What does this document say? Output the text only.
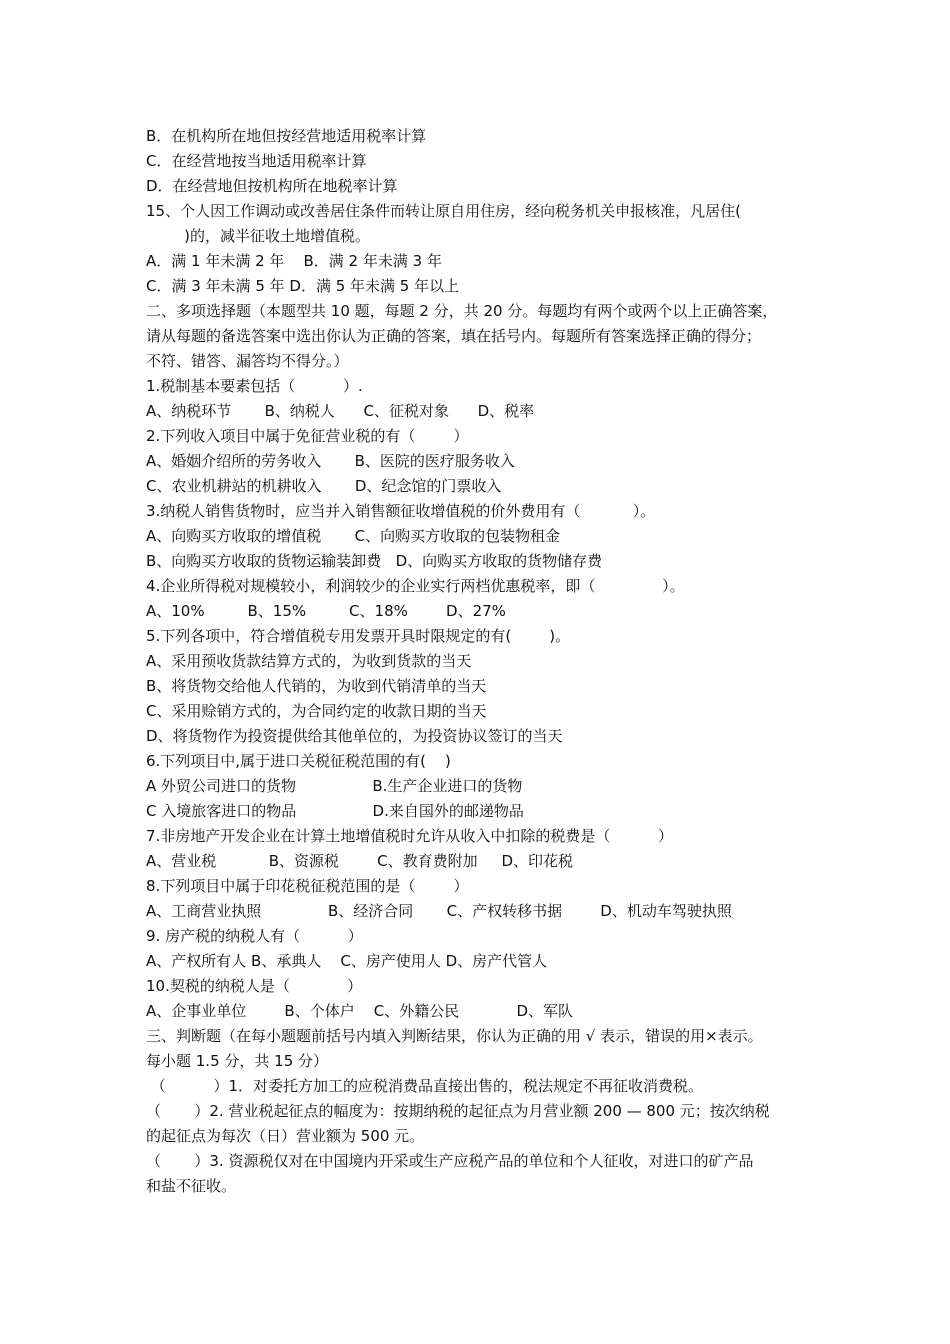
B．在机构所在地但按经营地适用税率计算
C．在经营地按当地适用税率计算
D．在经营地但按机构所在地税率计算
15、个人因工作调动或改善居住条件而转让原自用住房，经向税务机关申报核准，凡居住(
)的，减半征收土地增值税。
A．满 1 年未满 2 年    B．满 2 年未满 3 年
C．满 3 年未满 5 年 D．满 5 年未满 5 年以上
二、多项选择题（本题型共 10 题，每题 2 分，共 20 分。每题均有两个或两个以上正确答案，
请从每题的备选答案中选出你认为正确的答案，填在括号内。每题所有答案选择正确的得分；
不符、错答、漏答均不得分。）
1.税制基本要素包括（          ）.
A、纳税环节       B、纳税人      C、征税对象      D、税率
2.下列收入项目中属于免征营业税的有（        ）
A、婚姻介绍所的劳务收入       B、医院的医疗服务收入
C、农业机耕站的机耕收入       D、纪念馆的门票收入
3.纳税人销售货物时，应当并入销售额征收增值税的价外费用有（           ）。
A、向购买方收取的增值税       C、向购买方收取的包装物租金
B、向购买方收取的货物运输装卸费   D、向购买方收取的货物储存费
4.企业所得税对规模较小，利润较少的企业实行两档优惠税率，即（              ）。
A、10%         B、15%         C、18%        D、27%
5.下列各项中，符合增值税专用发票开具时限规定的有(        )。
A、采用预收货款结算方式的，为收到货款的当天
B、将货物交给他人代销的，为收到代销清单的当天
C、采用赊销方式的，为合同约定的收款日期的当天
D、将货物作为投资提供给其他单位的，为投资协议签订的当天
6.下列项目中,属于进口关税征税范围的有(    )
A 外贸公司进口的货物                B.生产企业进口的货物
C 入境旅客进口的物品                D.来自国外的邮递物品
7.非房地产开发企业在计算土地增值税时允许从收入中扣除的税费是（          ）
A、营业税           B、资源税        C、教育费附加     D、印花税
8.下列项目中属于印花税征税范围的是（        ）
A、工商营业执照              B、经济合同       C、产权转移书据        D、机动车驾驶执照
9. 房产税的纳税人有（          ）
A、产权所有人 B、承典人    C、房产使用人 D、房产代管人
10.契税的纳税人是（            ）
A、企事业单位        B、个体户    C、外籍公民            D、军队
三、判断题（在每小题题前括号内填入判断结果，你认为正确的用 √ 表示，错误的用×表示。
每小题 1.5 分，共 15 分）
（          ）1．对委托方加工的应税消费品直接出售的，税法规定不再征收消费税。
（       ）2. 营业税起征点的幅度为：按期纳税的起征点为月营业额 200 — 800 元；按次纳税
的起征点为每次（日）营业额为 500 元。
（       ）3. 资源税仅对在中国境内开采或生产应税产品的单位和个人征收，对进口的矿产品
和盐不征收。
